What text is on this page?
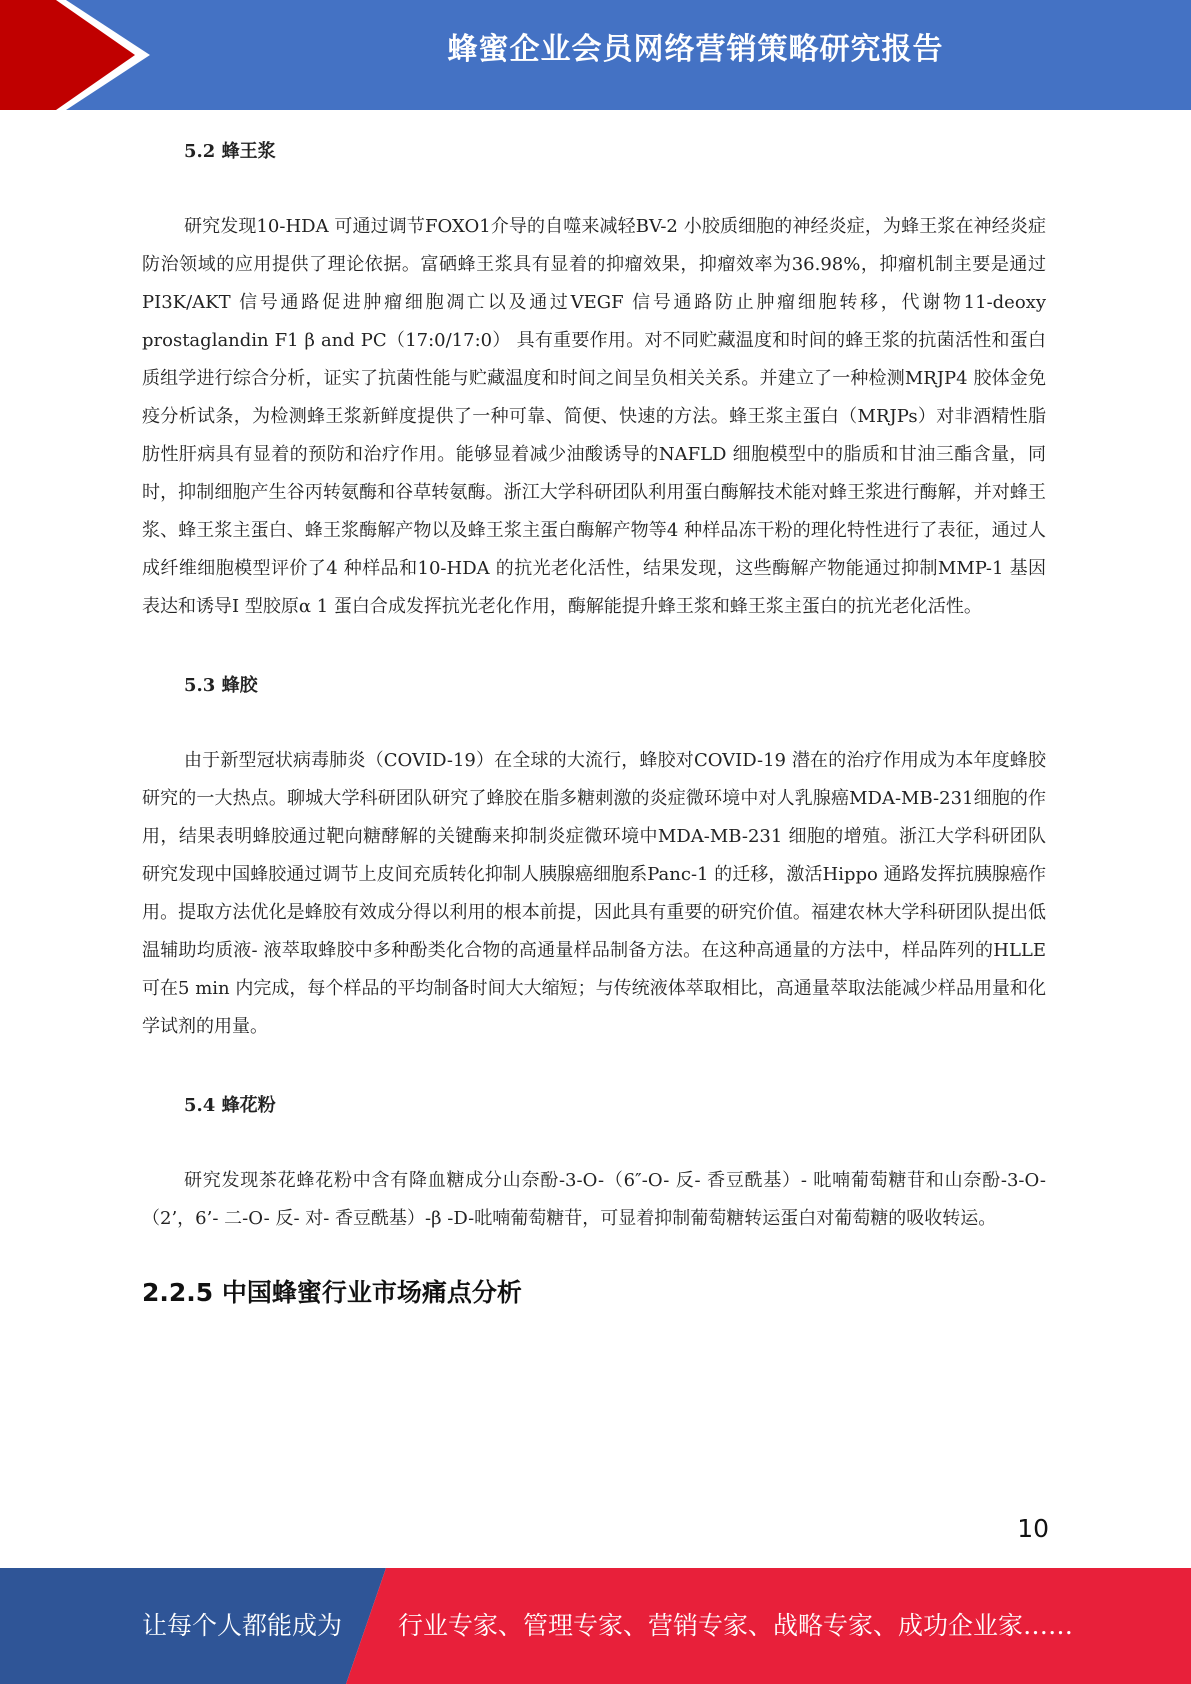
蜂蜜企业会员网络营销策略研究报告
5.2 蜂王浆

研究发现10-HDA 可通过调节FOXO1介导的自噬来减轻BV-2 小胶质细胞的神经炎症，为蜂王浆在神经炎症防治领域的应用提供了理论依据。富硒蜂王浆具有显着的抑瘤效果，抑瘤效率为36.98%，抑瘤机制主要是通过PI3K/AKT 信号通路促进肿瘤细胞凋亡以及通过VEGF 信号通路防止肿瘤细胞转移，代谢物11-deoxy prostaglandin F1 β and PC（17:0/17:0） 具有重要作用。对不同贮藏温度和时间的蜂王浆的抗菌活性和蛋白质组学进行综合分析，证实了抗菌性能与贮藏温度和时间之间呈负相关关系。并建立了一种检测MRJP4 胶体金免疫分析试条，为检测蜂王浆新鲜度提供了一种可靠、简便、快速的方法。蜂王浆主蛋白（MRJPs）对非酒精性脂肪性肝病具有显着的预防和治疗作用。能够显着减少油酸诱导的NAFLD 细胞模型中的脂质和甘油三酯含量，同时，抑制细胞产生谷丙转氨酶和谷草转氨酶。浙江大学科研团队利用蛋白酶解技术能对蜂王浆进行酶解，并对蜂王浆、蜂王浆主蛋白、蜂王浆酶解产物以及蜂王浆主蛋白酶解产物等4 种样品冻干粉的理化特性进行了表征，通过人成纤维细胞模型评价了4 种样品和10-HDA 的抗光老化活性，结果发现，这些酶解产物能通过抑制MMP-1 基因表达和诱导Ⅰ 型胶原α 1 蛋白合成发挥抗光老化作用，酶解能提升蜂王浆和蜂王浆主蛋白的抗光老化活性。

5.3 蜂胶

由于新型冠状病毒肺炎（COVID-19）在全球的大流行，蜂胶对COVID-19 潜在的治疗作用成为本年度蜂胶研究的一大热点。聊城大学科研团队研究了蜂胶在脂多糖刺激的炎症微环境中对人乳腺癌MDA-MB-231细胞的作用，结果表明蜂胶通过靶向糖酵解的关键酶来抑制炎症微环境中MDA-MB-231 细胞的增殖。浙江大学科研团队研究发现中国蜂胶通过调节上皮间充质转化抑制人胰腺癌细胞系Panc-1 的迁移，激活Hippo 通路发挥抗胰腺癌作用。提取方法优化是蜂胶有效成分得以利用的根本前提，因此具有重要的研究价值。福建农林大学科研团队提出低温辅助均质液- 液萃取蜂胶中多种酚类化合物的高通量样品制备方法。在这种高通量的方法中，样品阵列的HLLE 可在5 min 内完成，每个样品的平均制备时间大大缩短；与传统液体萃取相比，高通量萃取法能减少样品用量和化学试剂的用量。

5.4 蜂花粉

研究发现茶花蜂花粉中含有降血糖成分山奈酚-3-O-（6″-O- 反- 香豆酰基）- 吡喃葡萄糖苷和山奈酚-3-O-（2’，6’- 二-O- 反- 对- 香豆酰基）-β -D-吡喃葡萄糖苷，可显着抑制葡萄糖转运蛋白对葡萄糖的吸收转运。

2.2.5 中国蜂蜜行业市场痛点分析
10
让每个人都能成为 行业专家、管理专家、营销专家、战略专家、成功企业家……
